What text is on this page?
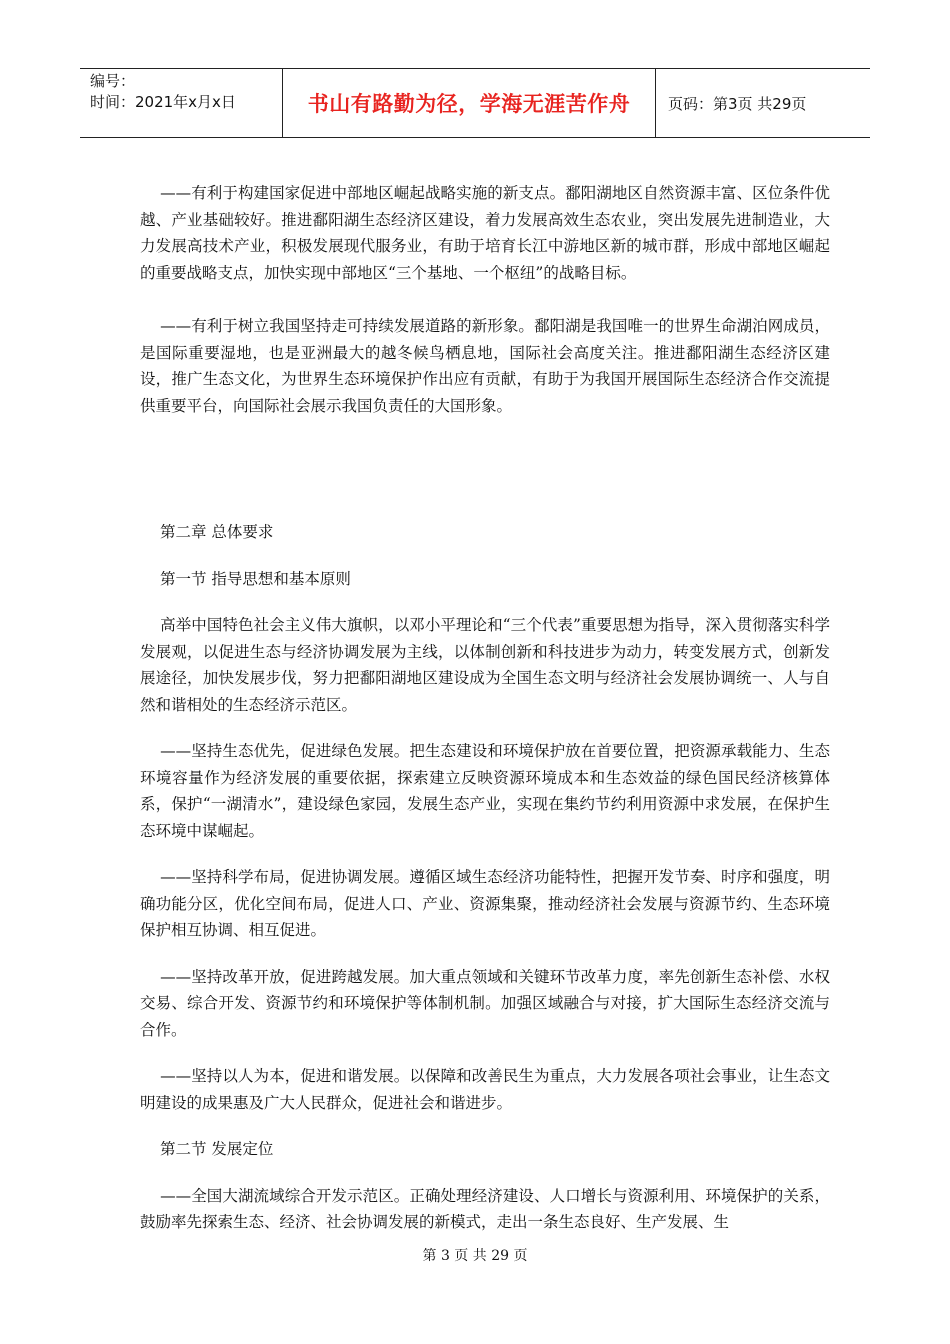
编号：
时间：2021年x月x日	书山有路勤为径，学海无涯苦作舟	页码：第3页 共29页

——有利于构建国家促进中部地区崛起战略实施的新支点。鄱阳湖地区自然资源丰富、区位条件优越、产业基础较好。推进鄱阳湖生态经济区建设，着力发展高效生态农业，突出发展先进制造业，大力发展高技术产业，积极发展现代服务业，有助于培育长江中游地区新的城市群，形成中部地区崛起的重要战略支点，加快实现中部地区“三个基地、一个枢纽”的战略目标。

——有利于树立我国坚持走可持续发展道路的新形象。鄱阳湖是我国唯一的世界生命湖泊网成员，是国际重要湿地，也是亚洲最大的越冬候鸟栖息地，国际社会高度关注。推进鄱阳湖生态经济区建设，推广生态文化，为世界生态环境保护作出应有贡献，有助于为我国开展国际生态经济合作交流提供重要平台，向国际社会展示我国负责任的大国形象。

第二章 总体要求

第一节 指导思想和基本原则

高举中国特色社会主义伟大旗帜，以邓小平理论和“三个代表”重要思想为指导，深入贯彻落实科学发展观，以促进生态与经济协调发展为主线，以体制创新和科技进步为动力，转变发展方式，创新发展途径，加快发展步伐，努力把鄱阳湖地区建设成为全国生态文明与经济社会发展协调统一、人与自然和谐相处的生态经济示范区。

——坚持生态优先，促进绿色发展。把生态建设和环境保护放在首要位置，把资源承载能力、生态环境容量作为经济发展的重要依据，探索建立反映资源环境成本和生态效益的绿色国民经济核算体系，保护“一湖清水”，建设绿色家园，发展生态产业，实现在集约节约利用资源中求发展，在保护生态环境中谋崛起。

——坚持科学布局，促进协调发展。遵循区域生态经济功能特性，把握开发节奏、时序和强度，明确功能分区，优化空间布局，促进人口、产业、资源集聚，推动经济社会发展与资源节约、生态环境保护相互协调、相互促进。

——坚持改革开放，促进跨越发展。加大重点领域和关键环节改革力度，率先创新生态补偿、水权交易、综合开发、资源节约和环境保护等体制机制。加强区域融合与对接，扩大国际生态经济交流与合作。

——坚持以人为本，促进和谐发展。以保障和改善民生为重点，大力发展各项社会事业，让生态文明建设的成果惠及广大人民群众，促进社会和谐进步。

第二节 发展定位

——全国大湖流域综合开发示范区。正确处理经济建设、人口增长与资源利用、环境保护的关系，鼓励率先探索生态、经济、社会协调发展的新模式，走出一条生态良好、生产发展、生

第 3 页 共 29 页
